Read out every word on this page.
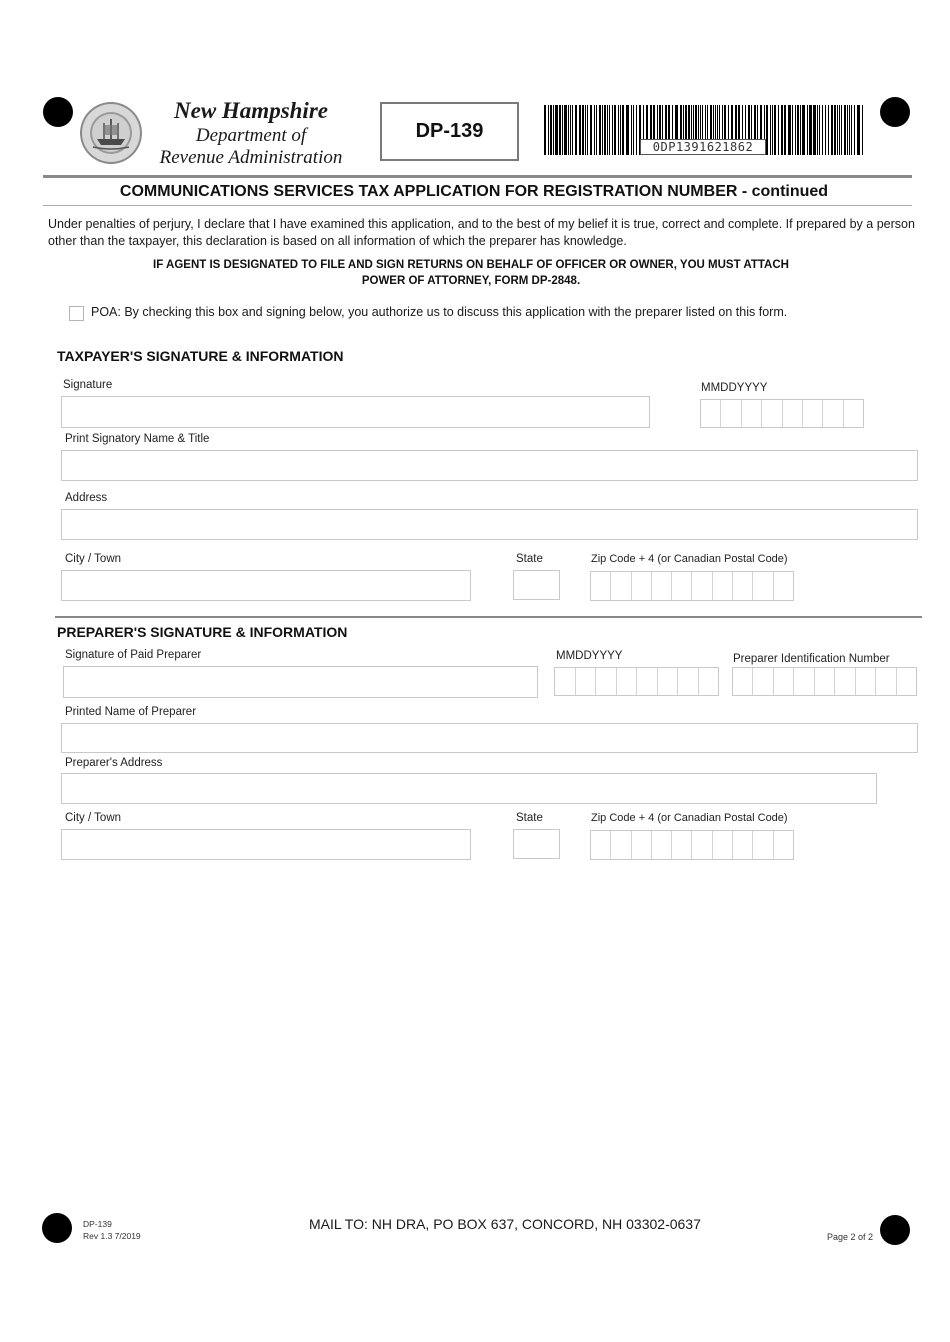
New Hampshire
Department of
Revenue Administration
DP-139
0DP1391621862
COMMUNICATIONS SERVICES TAX APPLICATION FOR REGISTRATION NUMBER - continued
Under penalties of perjury, I declare that I have examined this application, and to the best of my belief it is true, correct and complete. If prepared by a person other than the taxpayer, this declaration is based on all information of which the preparer has knowledge.
IF AGENT IS DESIGNATED TO FILE AND SIGN RETURNS ON BEHALF OF OFFICER OR OWNER, YOU MUST ATTACH
POWER OF ATTORNEY, FORM DP-2848.
POA: By checking this box and signing below, you authorize us to discuss this application with the preparer listed on this form.
TAXPAYER'S SIGNATURE & INFORMATION
Signature	MMDDYYYY
Print Signatory Name & Title
Address
City / Town	State	Zip Code + 4 (or Canadian Postal Code)
PREPARER'S SIGNATURE & INFORMATION
Signature of Paid Preparer	MMDDYYYY	Preparer Identification Number
Printed Name of Preparer
Preparer's Address
City / Town	State	Zip Code + 4 (or Canadian Postal Code)
DP-139
Rev 1.3 7/2019
MAIL TO: NH DRA, PO BOX 637, CONCORD, NH 03302-0637
Page 2 of 2
